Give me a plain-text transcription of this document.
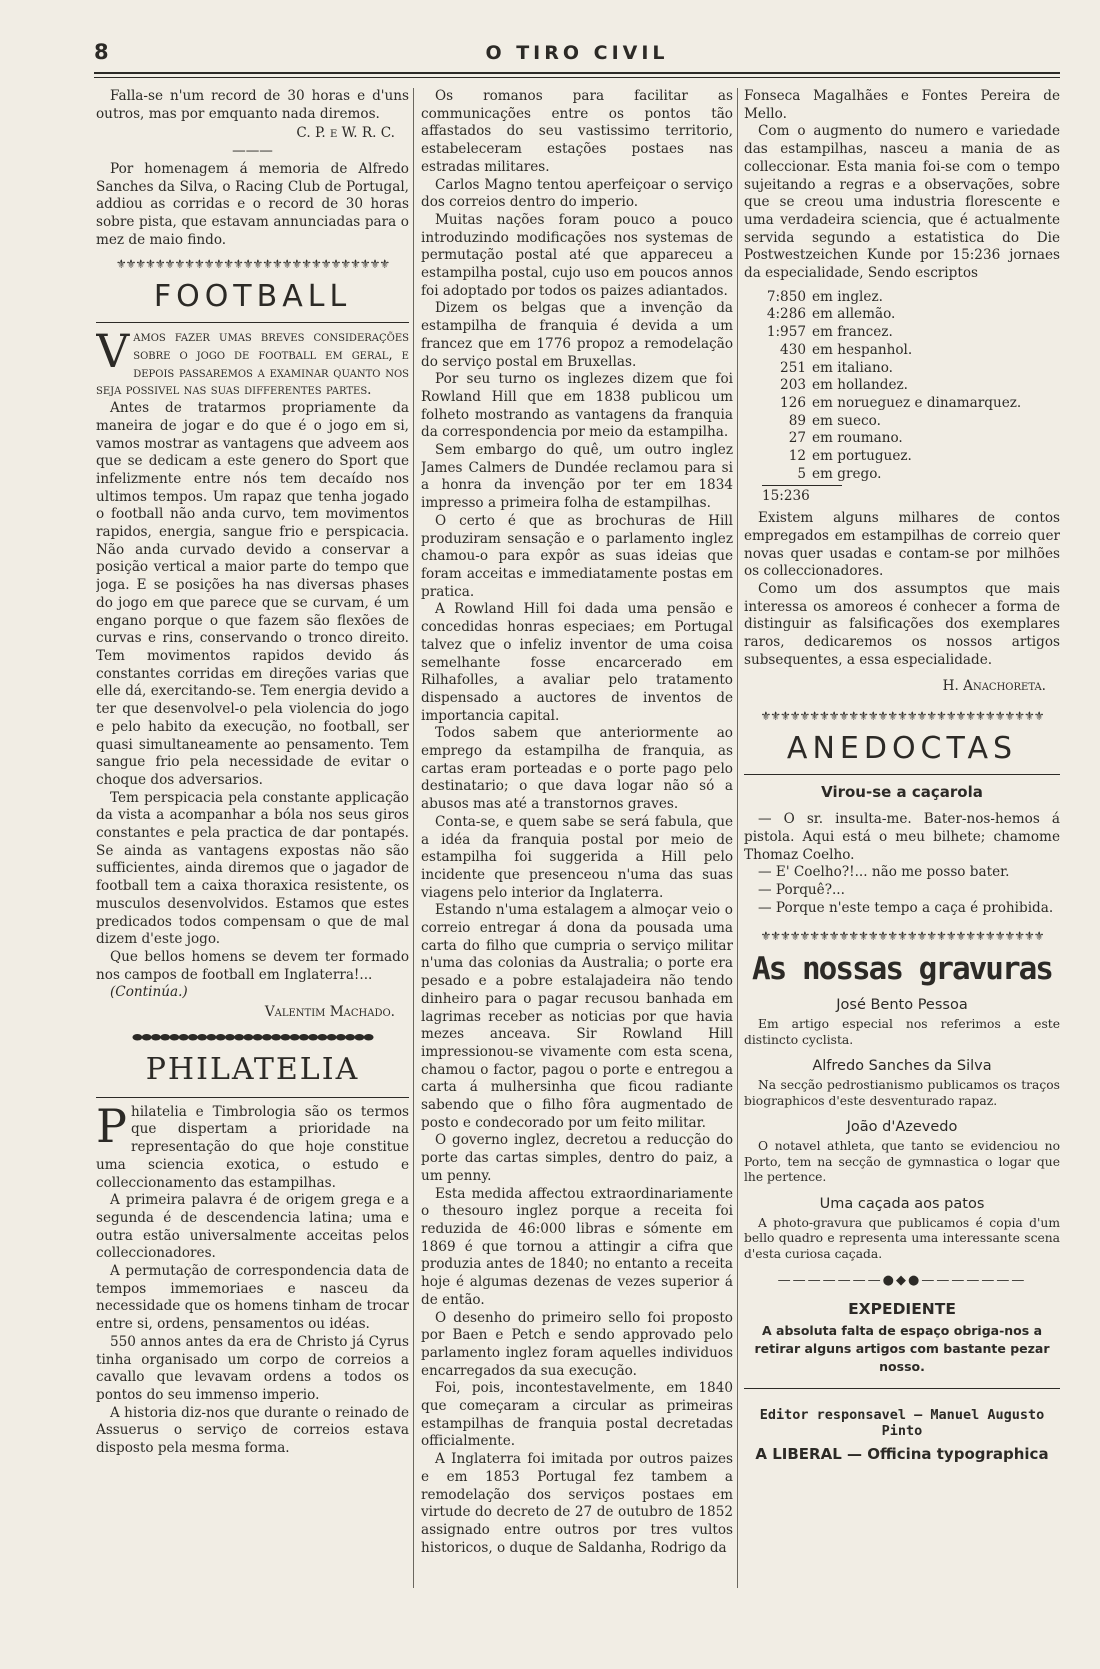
8	O TIRO CIVIL

Falla-se n'um record de 30 horas e d'uns outros, mas por emquanto nada diremos.

C. P. e W. R. C.
———

Por homenagem á memoria de Alfredo Sanches da Silva, o Racing Club de Portugal, addiou as corridas e o record de 30 horas sobre pista, que estavam annunciadas para o mez de maio findo.

⚜⚜⚜⚜⚜⚜⚜⚜⚜⚜⚜⚜⚜⚜⚜⚜⚜⚜⚜⚜⚜⚜⚜⚜⚜⚜⚜⚜
FOOTBALL

Vamos fazer umas breves considerações sobre o jogo de football em geral, e depois passaremos a examinar quanto nos seja possivel nas suas differentes partes.

Antes de tratarmos propriamente da maneira de jogar e do que é o jogo em si, vamos mostrar as vantagens que adveem aos que se dedicam a este genero do Sport que infelizmente entre nós tem decaído nos ultimos tempos. Um rapaz que tenha jogado o football não anda curvo, tem movimentos rapidos, energia, sangue frio e perspicacia. Não anda curvado devido a conservar a posição vertical a maior parte do tempo que joga. E se posições ha nas diversas phases do jogo em que parece que se curvam, é um engano porque o que fazem são flexões de curvas e rins, conservando o tronco direito. Tem movimentos rapidos devido ás constantes corridas em direções varias que elle dá, exercitando-se. Tem energia devido a ter que desenvolvel-o pela violencia do jogo e pelo habito da execução, no football, ser quasi simultaneamente ao pensamento. Tem sangue frio pela necessidade de evitar o choque dos adversarios.

Tem perspicacia pela constante applicação da vista a acompanhar a bóla nos seus giros constantes e pela practica de dar pontapés. Se ainda as vantagens expostas não são sufficientes, ainda diremos que o jagador de football tem a caixa thoraxica resistente, os musculos desenvolvidos. Estamos que estes predicados todos compensam o que de mal dizem d'este jogo.

Que bellos homens se devem ter formado nos campos de football em Inglaterra!...

(Continúa.)

Valentim Machado.
⬬⬬⬬⬬⬬⬬⬬⬬⬬⬬⬬⬬⬬⬬⬬⬬⬬⬬⬬⬬⬬⬬⬬⬬⬬⬬
PHILATELIA

Philatelia e Timbrologia são os termos que dispertam a prioridade na representação do que hoje constitue uma sciencia exotica, o estudo e colleccionamento das estampilhas.

A primeira palavra é de origem grega e a segunda é de descendencia latina; uma e outra estão universalmente acceitas pelos colleccionadores.

A permutação de correspondencia data de tempos immemoriaes e nasceu da necessidade que os homens tinham de trocar entre si, ordens, pensamentos ou idéas.

550 annos antes da era de Christo já Cyrus tinha organisado um corpo de correios a cavallo que levavam ordens a todos os pontos do seu immenso imperio.

A historia diz-nos que durante o reinado de Assuerus o serviço de correios estava disposto pela mesma forma.

Os romanos para facilitar as communicações entre os pontos tão affastados do seu vastissimo territorio, estabeleceram estações postaes nas estradas militares.

Carlos Magno tentou aperfeiçoar o serviço dos correios dentro do imperio.

Muitas nações foram pouco a pouco introduzindo modificações nos systemas de permutação postal até que appareceu a estampilha postal, cujo uso em poucos annos foi adoptado por todos os paizes adiantados.

Dizem os belgas que a invenção da estampilha de franquia é devida a um francez que em 1776 propoz a remodelação do serviço postal em Bruxellas.

Por seu turno os inglezes dizem que foi Rowland Hill que em 1838 publicou um folheto mostrando as vantagens da franquia da correspondencia por meio da estampilha.

Sem embargo do quê, um outro inglez James Calmers de Dundée reclamou para si a honra da invenção por ter em 1834 impresso a primeira folha de estampilhas.

O certo é que as brochuras de Hill produziram sensação e o parlamento inglez chamou-o para expôr as suas ideias que foram acceitas e immediatamente postas em pratica.

A Rowland Hill foi dada uma pensão e concedidas honras especiaes; em Portugal talvez que o infeliz inventor de uma coisa semelhante fosse encarcerado em Rilhafolles, a avaliar pelo tratamento dispensado a auctores de inventos de importancia capital.

Todos sabem que anteriormente ao emprego da estampilha de franquia, as cartas eram porteadas e o porte pago pelo destinatario; o que dava logar não só a abusos mas até a transtornos graves.

Conta-se, e quem sabe se será fabula, que a idéa da franquia postal por meio de estampilha foi suggerida a Hill pelo incidente que presenceou n'uma das suas viagens pelo interior da Inglaterra.

Estando n'uma estalagem a almoçar veio o correio entregar á dona da pousada uma carta do filho que cumpria o serviço militar n'uma das colonias da Australia; o porte era pesado e a pobre estalajadeira não tendo dinheiro para o pagar recusou banhada em lagrimas receber as noticias por que havia mezes anceava. Sir Rowland Hill impressionou-se vivamente com esta scena, chamou o factor, pagou o porte e entregou a carta á mulhersinha que ficou radiante sabendo que o filho fôra augmentado de posto e condecorado por um feito militar.

O governo inglez, decretou a reducção do porte das cartas simples, dentro do paiz, a um penny.

Esta medida affectou extraordinariamente o thesouro inglez porque a receita foi reduzida de 46:000 libras e sómente em 1869 é que tornou a attingir a cifra que produzia antes de 1840; no entanto a receita hoje é algumas dezenas de vezes superior á de então.

O desenho do primeiro sello foi proposto por Baen e Petch e sendo approvado pelo parlamento inglez foram aquelles individuos encarregados da sua execução.

Foi, pois, incontestavelmente, em 1840 que começaram a circular as primeiras estampilhas de franquia postal decretadas officialmente.

A Inglaterra foi imitada por outros paizes e em 1853 Portugal fez tambem a remodelação dos serviços postaes em virtude do decreto de 27 de outubro de 1852 assignado entre outros por tres vultos historicos, o duque de Saldanha, Rodrigo da

Fonseca Magalhães e Fontes Pereira de Mello.

Com o augmento do numero e variedade das estampilhas, nasceu a mania de as colleccionar. Esta mania foi-se com o tempo sujeitando a regras e a observações, sobre que se creou uma industria florescente e uma verdadeira sciencia, que é actualmente servida segundo a estatistica do Die Postwestzeichen Kunde por 15:236 jornaes da especialidade, Sendo escriptos

7:850 em inglez.
4:286 em allemão.
1:957 em francez.
430 em hespanhol.
251 em italiano.
203 em hollandez.
126 em norueguez e dinamarquez.
89 em sueco.
27 em roumano.
12 em portuguez.
5 em grego.
15:236

Existem alguns milhares de contos empregados em estampilhas de correio quer novas quer usadas e contam-se por milhões os colleccionadores.

Como um dos assumptos que mais interessa os amoreos é conhecer a forma de distinguir as falsificações dos exemplares raros, dedicaremos os nossos artigos subsequentes, a essa especialidade.

H. Anachoreta.
⚜⚜⚜⚜⚜⚜⚜⚜⚜⚜⚜⚜⚜⚜⚜⚜⚜⚜⚜⚜⚜⚜⚜⚜⚜⚜⚜⚜⚜
ANEDOCTAS
Virou-se a caçarola

— O sr. insulta-me. Bater-nos-hemos á pistola. Aqui está o meu bilhete; chamome Thomaz Coelho.

— E' Coelho?!... não me posso bater.

— Porquê?...

— Porque n'este tempo a caça é prohibida.

⚜⚜⚜⚜⚜⚜⚜⚜⚜⚜⚜⚜⚜⚜⚜⚜⚜⚜⚜⚜⚜⚜⚜⚜⚜⚜⚜⚜⚜
As nossas gravuras
José Bento Pessoa

Em artigo especial nos referimos a este distincto cyclista.

Alfredo Sanches da Silva

Na secção pedrostianismo publicamos os traços biographicos d'este desventurado rapaz.

João d'Azevedo

O notavel athleta, que tanto se evidenciou no Porto, tem na secção de gymnastica o logar que lhe pertence.

Uma caçada aos patos

A photo-gravura que publicamos é copia d'um bello quadro e representa uma interessante scena d'esta curiosa caçada.

———————●◆●———————
EXPEDIENTE
A absoluta falta de espaço obriga-nos a retirar alguns artigos com bastante pezar nosso.
Editor responsavel — Manuel Augusto Pinto
A LIBERAL — Officina typographica
